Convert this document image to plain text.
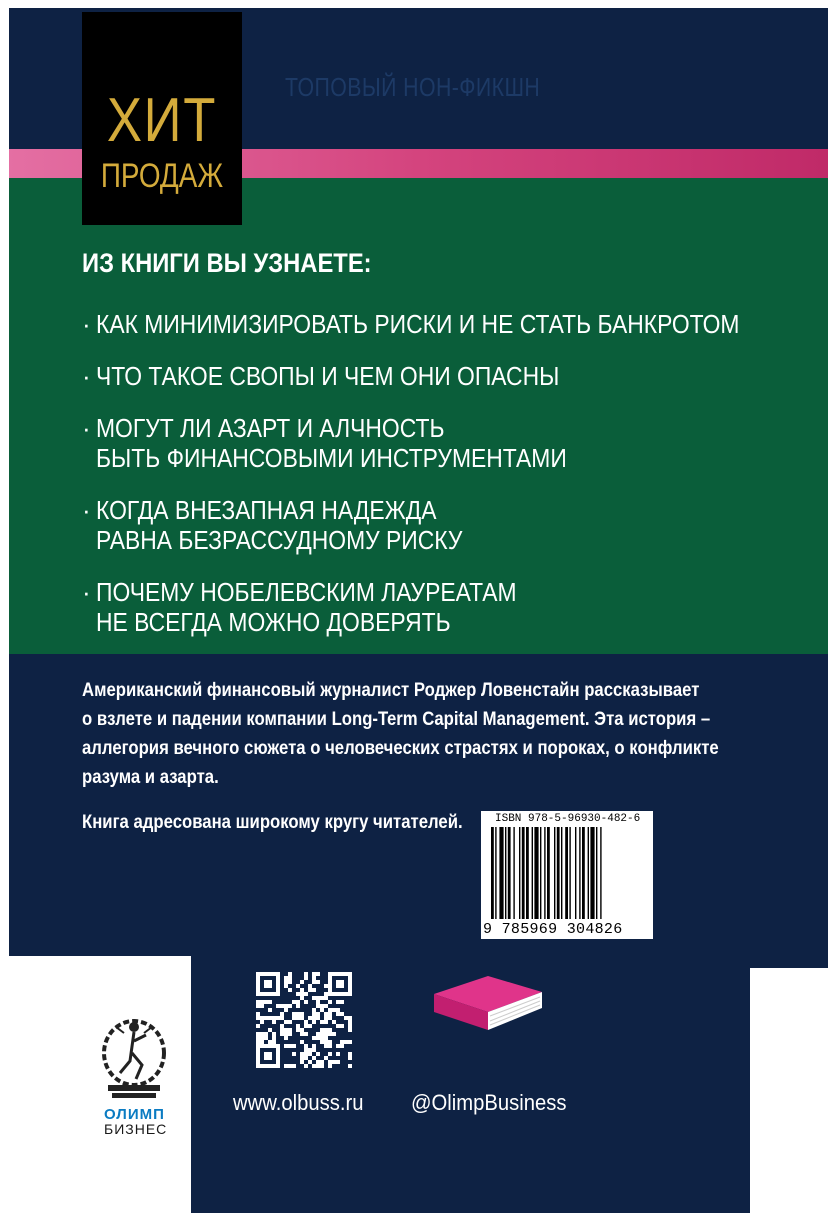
ТОПОВЫЙ НОН-ФИКШН
ХИТ
ПРОДАЖ
ИЗ КНИГИ ВЫ УЗНАЕТЕ:
· КАК МИНИМИЗИРОВАТЬ РИСКИ И НЕ СТАТЬ БАНКРОТОМ
· ЧТО ТАКОЕ СВОПЫ И ЧЕМ ОНИ ОПАСНЫ
· МОГУТ ЛИ АЗАРТ И АЛЧНОСТЬ
БЫТЬ ФИНАНСОВЫМИ ИНСТРУМЕНТАМИ
· КОГДА ВНЕЗАПНАЯ НАДЕЖДА
РАВНА БЕЗРАССУДНОМУ РИСКУ
· ПОЧЕМУ НОБЕЛЕВСКИМ ЛАУРЕАТАМ
НЕ ВСЕГДА МОЖНО ДОВЕРЯТЬ
Американский финансовый журналист Роджер Ловенстайн рассказывает
о взлете и падении компании Long-Term Capital Management. Эта история –
аллегория вечного сюжета о человеческих страстях и пороках, о конфликте
разума и азарта.
Книга адресована широкому кругу читателей.	ISBN 978-5-96930-482-6
9 785969 304826
ОЛИМП
БИЗНЕС
www.olbuss.ru @OlimpBusiness
